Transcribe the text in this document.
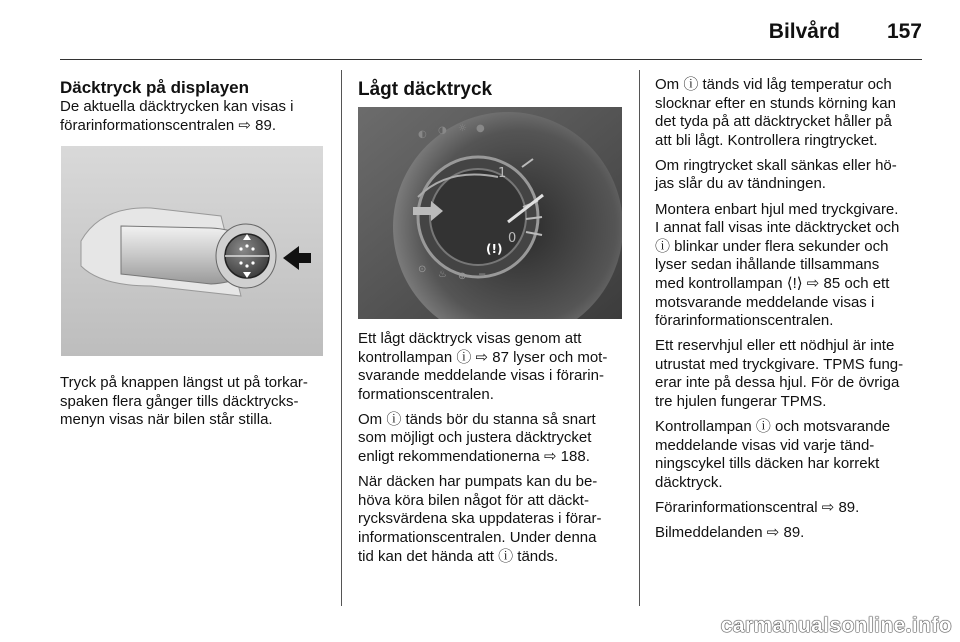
Bilvård 157
Däcktryck på displayen

De aktuella däcktrycken kan visas i
förarinformationscentralen ⇨ 89.

Tryck på knappen längst ut på torkar-
spaken flera gånger tills däcktrycks-
menyn visas när bilen står stilla.

Lågt däcktryck
1
0
(!)
⊙ ♨ ⊕ ≡
◐ ◑ ☼ ●

Ett lågt däcktryck visas genom att
kontrollampan ⓘ ⇨ 87 lyser och mot-
svarande meddelande visas i förarin-
formationscentralen.

Om ⓘ tänds bör du stanna så snart
som möjligt och justera däcktrycket
enligt rekommendationerna ⇨ 188.

När däcken har pumpats kan du be-
höva köra bilen något för att däckt-
rycksvärdena ska uppdateras i förar-
informationscentralen. Under denna
tid kan det hända att ⓘ tänds.

Om ⓘ tänds vid låg temperatur och
slocknar efter en stunds körning kan
det tyda på att däcktrycket håller på
att bli lågt. Kontrollera ringtrycket.

Om ringtrycket skall sänkas eller hö-
jas slår du av tändningen.

Montera enbart hjul med tryckgivare.
I annat fall visas inte däcktrycket och
ⓘ blinkar under flera sekunder och
lyser sedan ihållande tillsammans
med kontrollampan ⟨!⟩ ⇨ 85 och ett
motsvarande meddelande visas i
förarinformationscentralen.

Ett reservhjul eller ett nödhjul är inte
utrustat med tryckgivare. TPMS fung-
erar inte på dessa hjul. För de övriga
tre hjulen fungerar TPMS.

Kontrollampan ⓘ och motsvarande
meddelande visas vid varje tänd-
ningscykel tills däcken har korrekt
däcktryck.

Förarinformationscentral ⇨ 89.

Bilmeddelanden ⇨ 89.

carmanualsonline.info
